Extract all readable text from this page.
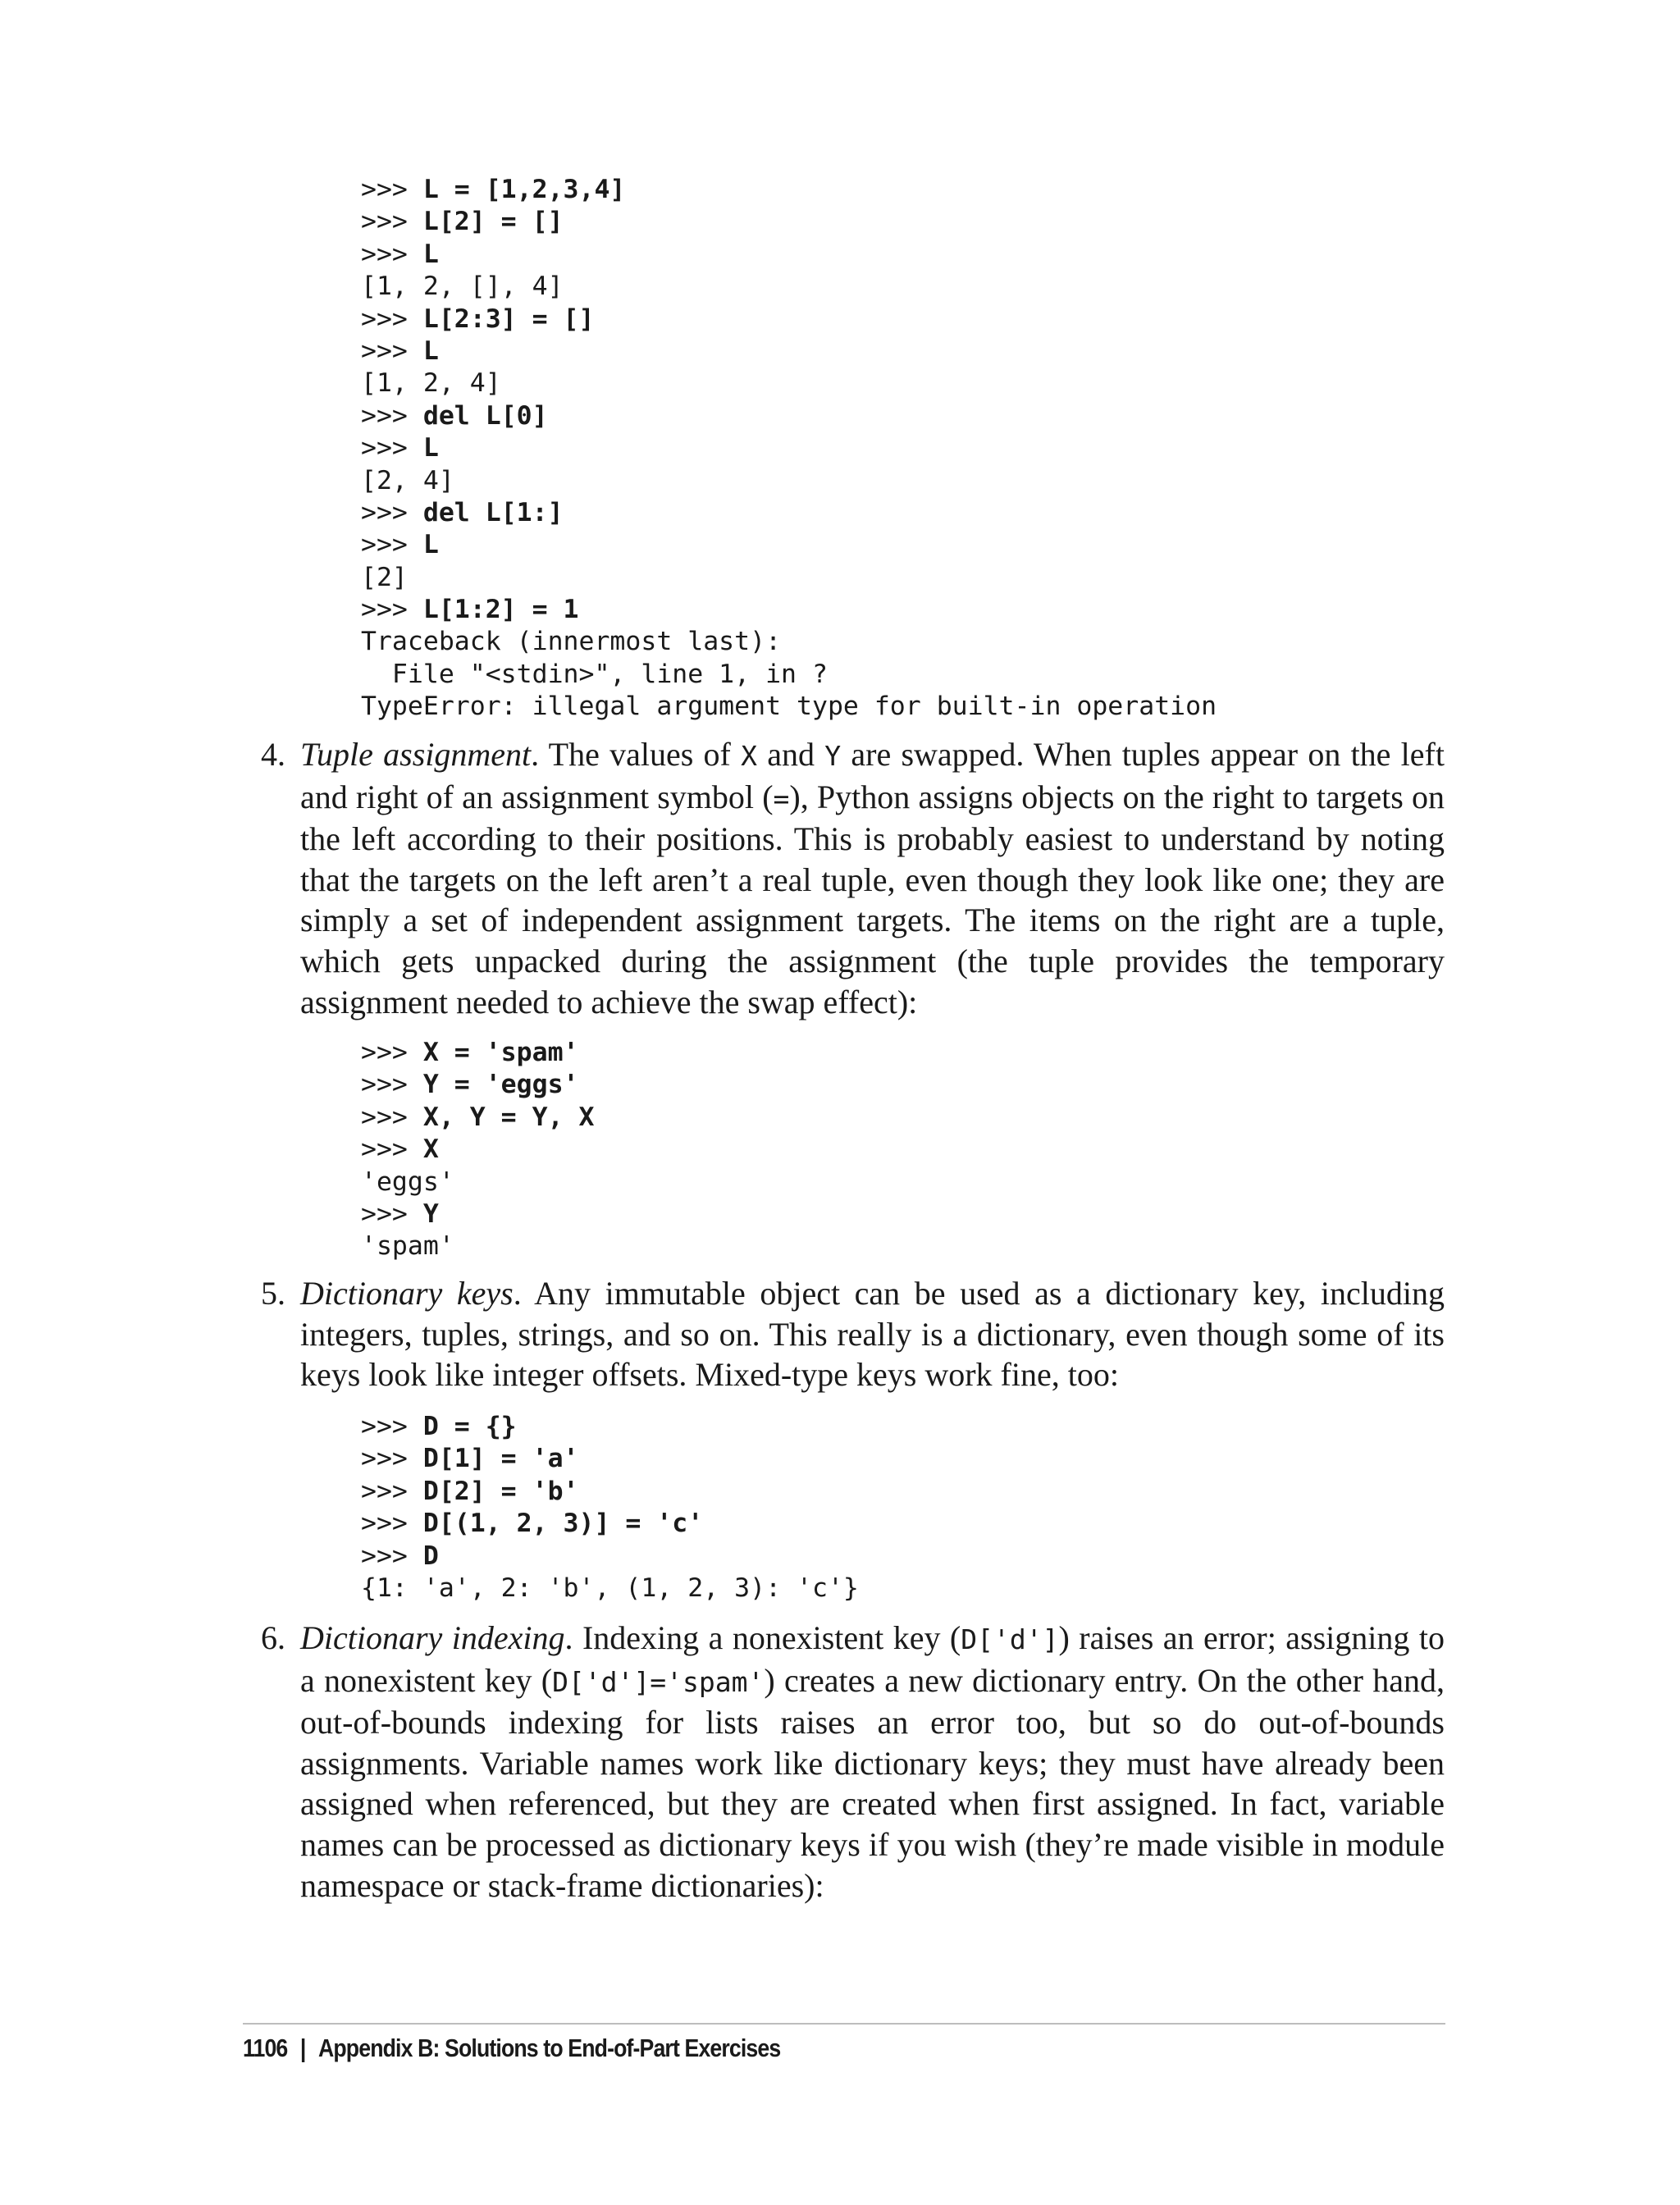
>>> L = [1,2,3,4]
>>> L[2] = []
>>> L
[1, 2, [], 4]
>>> L[2:3] = []
>>> L
[1, 2, 4]
>>> del L[0]
>>> L
[2, 4]
>>> del L[1:]
>>> L
[2]
>>> L[1:2] = 1
Traceback (innermost last):
File "<stdin>", line 1, in ?
TypeError: illegal argument type for built-in operation
4. Tuple assignment. The values of X and Y are swapped. When tuples appear on the left and right of an assignment symbol (=), Python assigns objects on the right to targets on the left according to their positions. This is probably easiest to understand by noting that the targets on the left aren’t a real tuple, even though they look like one; they are simply a set of independent assignment targets. The items on the right are a tuple, which gets unpacked during the assignment (the tuple provides the temporary assignment needed to achieve the swap effect):
>>> X = 'spam'
>>> Y = 'eggs'
>>> X, Y = Y, X
>>> X
'eggs'
>>> Y
'spam'
5. Dictionary keys. Any immutable object can be used as a dictionary key, including integers, tuples, strings, and so on. This really is a dictionary, even though some of its keys look like integer offsets. Mixed-type keys work fine, too:
>>> D = {}
>>> D[1] = 'a'
>>> D[2] = 'b'
>>> D[(1, 2, 3)] = 'c'
>>> D
{1: 'a', 2: 'b', (1, 2, 3): 'c'}
6. Dictionary indexing. Indexing a nonexistent key (D['d']) raises an error; assigning to a nonexistent key (D['d']='spam') creates a new dictionary entry. On the other hand, out-of-bounds indexing for lists raises an error too, but so do out-of-bounds assignments. Variable names work like dictionary keys; they must have already been assigned when referenced, but they are created when first assigned. In fact, variable names can be processed as dictionary keys if you wish (they’re made visible in module namespace or stack-frame dictionaries):
1106 | Appendix B: Solutions to End-of-Part Exercises
